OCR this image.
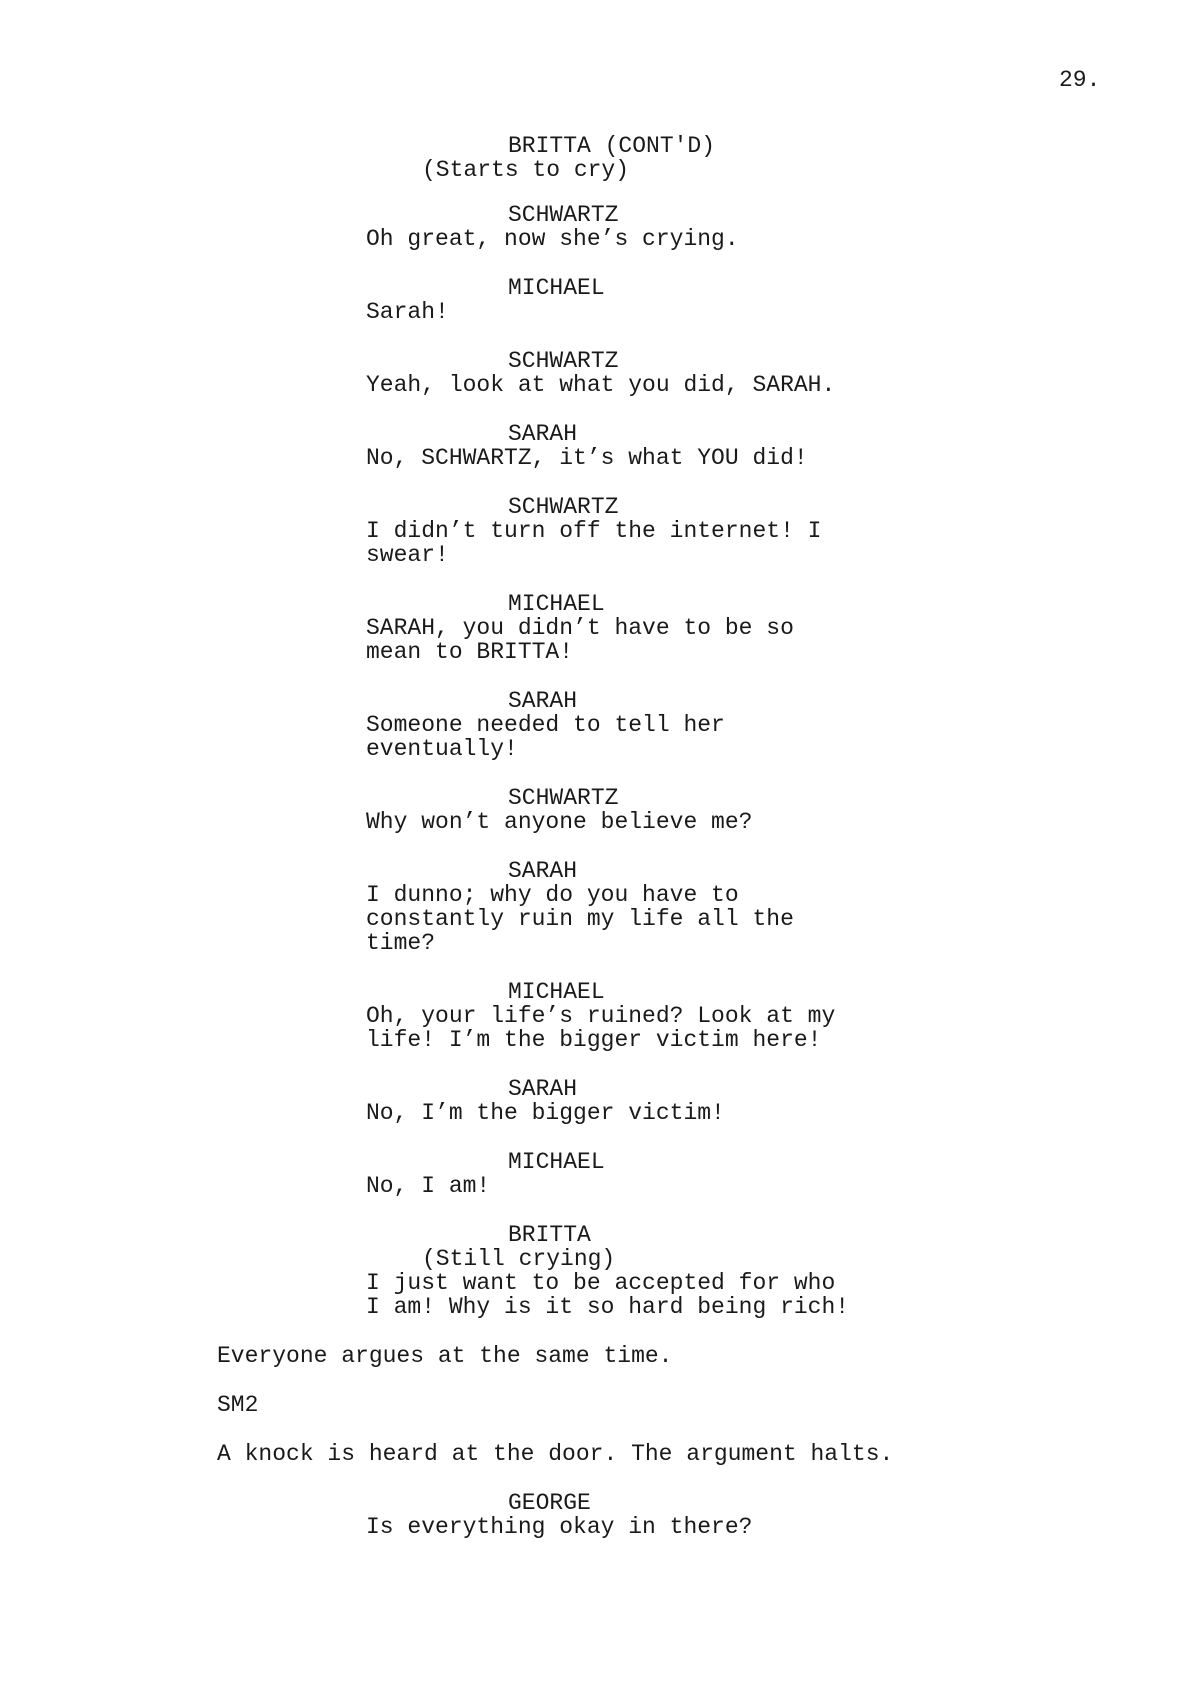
29.
BRITTA (CONT'D)
(Starts to cry)
SCHWARTZ
Oh great, now she’s crying.
MICHAEL
Sarah!
SCHWARTZ
Yeah, look at what you did, SARAH.
SARAH
No, SCHWARTZ, it’s what YOU did!
SCHWARTZ
I didn’t turn off the internet! I
swear!
MICHAEL
SARAH, you didn’t have to be so
mean to BRITTA!
SARAH
Someone needed to tell her
eventually!
SCHWARTZ
Why won’t anyone believe me?
SARAH
I dunno; why do you have to
constantly ruin my life all the
time?
MICHAEL
Oh, your life’s ruined? Look at my
life! I’m the bigger victim here!
SARAH
No, I’m the bigger victim!
MICHAEL
No, I am!
BRITTA
(Still crying)
I just want to be accepted for who
I am! Why is it so hard being rich!
Everyone argues at the same time.
SM2
A knock is heard at the door. The argument halts.
GEORGE
Is everything okay in there?
